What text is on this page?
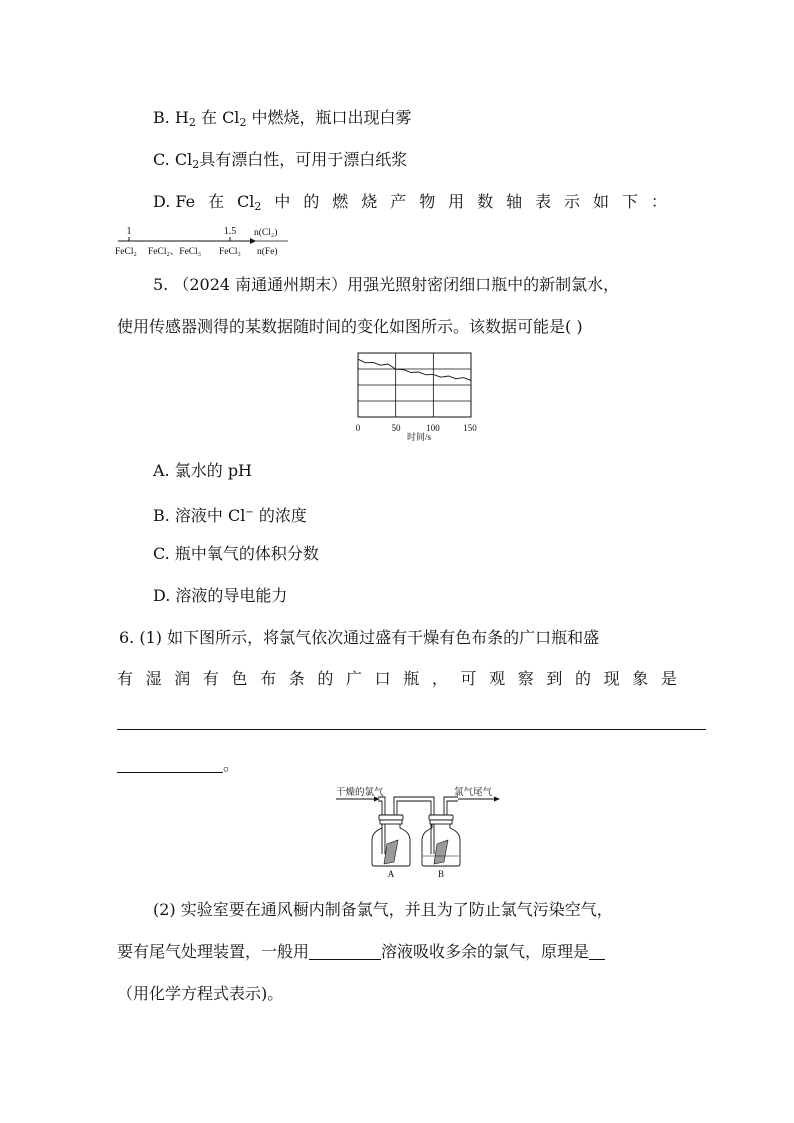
B. $H_2$ 在 $Cl_2$ 中燃烧，瓶口出现白雾
C. $Cl_2$具有漂白性，可用于漂白纸浆
D. Fe 在 $Cl_2$ 中 的 燃 烧 产 物 用 数 轴 表 示 如 下 ：
1	1.5
FeCl₂ FeCl₂、FeCl₃ FeCl₃
n(Cl₂)
n(Fe)
5. （2024 南通通州期末）用强光照射密闭细口瓶中的新制氯水，
使用传感器测得的某数据随时间的变化如图所示。该数据可能是( )
0	50	100	150
时间/s
A. 氯水的 pH
B. 溶液中 Cl− 的浓度
C. 瓶中氧气的体积分数
D. 溶液的导电能力
6. (1) 如下图所示，将氯气依次通过盛有干燥有色布条的广口瓶和盛
有 湿 润 有 色 布 条 的 广 口 瓶 ， 可 观 察 到 的 现 象 是
。
干燥的氯气	氯气尾气
A	B
(2) 实验室要在通风橱内制备氯气，并且为了防止氯气污染空气，
要有尾气处理装置，一般用	溶液吸收多余的氯气，原理是
（用化学方程式表示)。
